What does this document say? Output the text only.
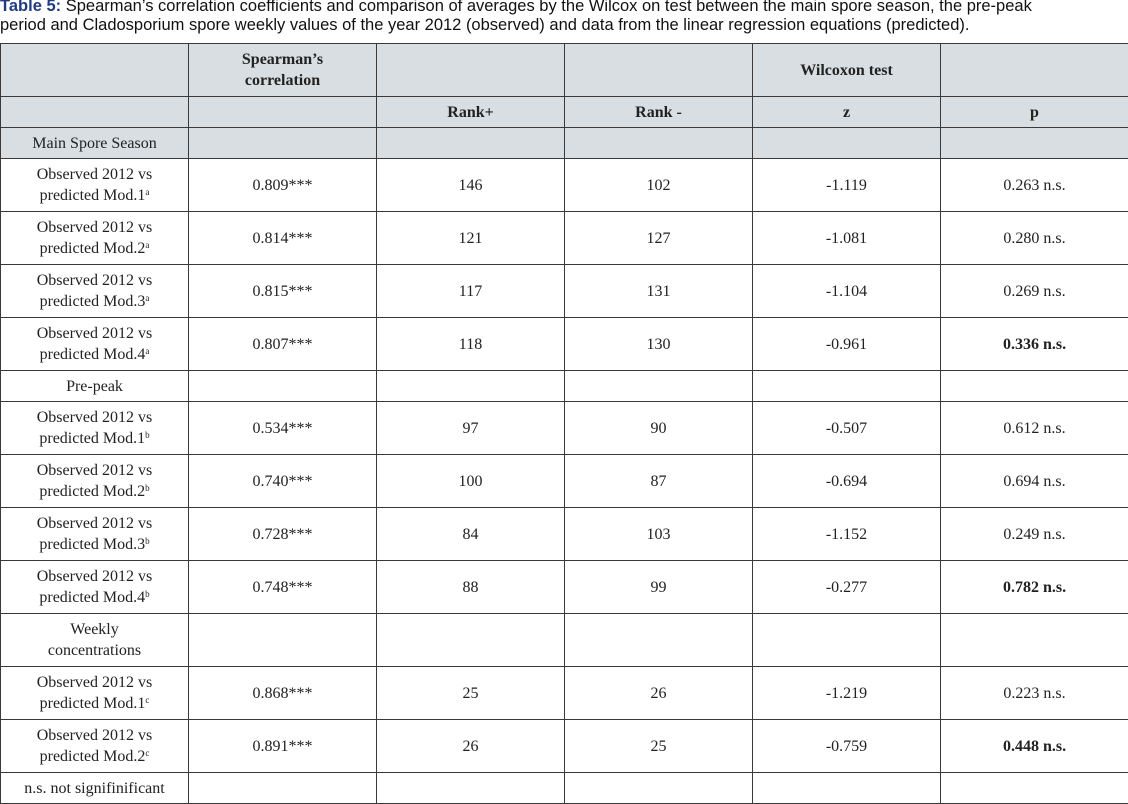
Table 5: Spearman’s correlation coefficients and comparison of averages by the Wilcox on test between the main spore season, the pre-peak
period and Cladosporium spore weekly values of the year 2012 (observed) and data from the linear regression equations (predicted).

	Spearman’s
correlation			Wilcoxon test	
		Rank+	Rank -	z	p
Main Spore Season					

Observed 2012 vs
predicted Mod.1$^a$	0.809***	146	102	-1.119	0.263 n.s.

Observed 2012 vs
predicted Mod.2$^a$	0.814***	121	127	-1.081	0.280 n.s.

Observed 2012 vs
predicted Mod.3$^a$	0.815***	117	131	-1.104	0.269 n.s.

Observed 2012 vs
predicted Mod.4$^a$	0.807***	118	130	-0.961	0.336 n.s.
Pre-peak					

Observed 2012 vs
predicted Mod.1$^b$	0.534***	97	90	-0.507	0.612 n.s.

Observed 2012 vs
predicted Mod.2$^b$	0.740***	100	87	-0.694	0.694 n.s.

Observed 2012 vs
predicted Mod.3$^b$	0.728***	84	103	-1.152	0.249 n.s.

Observed 2012 vs
predicted Mod.4$^b$	0.748***	88	99	-0.277	0.782 n.s.

Weekly
concentrations					

Observed 2012 vs
predicted Mod.1$^c$	0.868***	25	26	-1.219	0.223 n.s.

Observed 2012 vs
predicted Mod.2$^c$	0.891***	26	25	-0.759	0.448 n.s.
n.s. not signifinificant					
